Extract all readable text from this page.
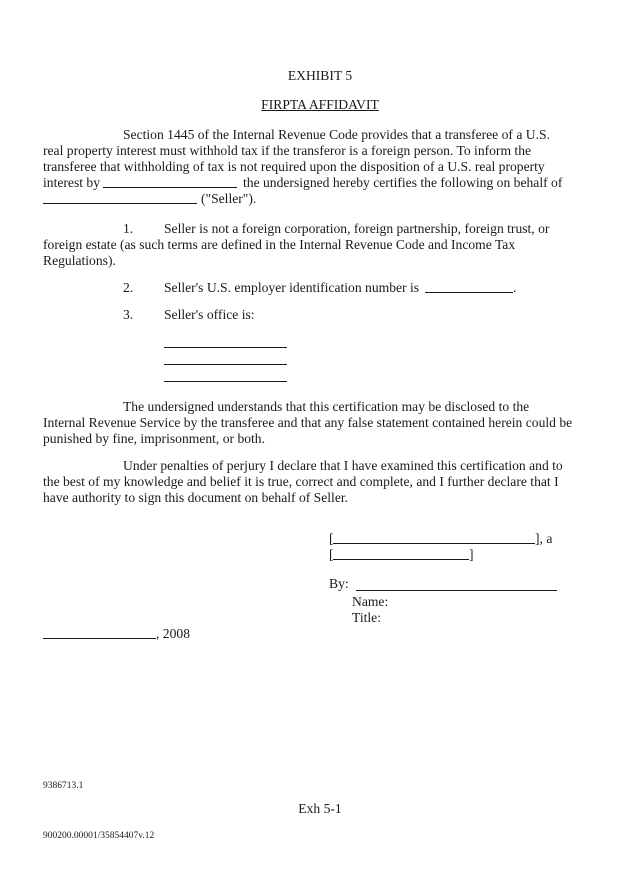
EXHIBIT 5
FIRPTA AFFIDAVIT
Section 1445 of the Internal Revenue Code provides that a transferee of a U.S.
real property interest must withhold tax if the transferor is a foreign person. To inform the
transferee that withholding of tax is not required upon the disposition of a U.S. real property
interest by	the undersigned hereby certifies the following on behalf of
("Seller").
1. Seller is not a foreign corporation, foreign partnership, foreign trust, or
foreign estate (as such terms are defined in the Internal Revenue Code and Income Tax
Regulations).
2. Seller's U.S. employer identification number is	.
3. Seller's office is:
The undersigned understands that this certification may be disclosed to the
Internal Revenue Service by the transferee and that any false statement contained herein could be
punished by fine, imprisonment, or both.
Under penalties of perjury I declare that I have examined this certification and to
the best of my knowledge and belief it is true, correct and complete, and I further declare that I
have authority to sign this document on behalf of Seller.
[	], a
[	]
By:
Name:
Title:
, 2008
9386713.1
Exh 5-1
900200.00001/35854407v.12
